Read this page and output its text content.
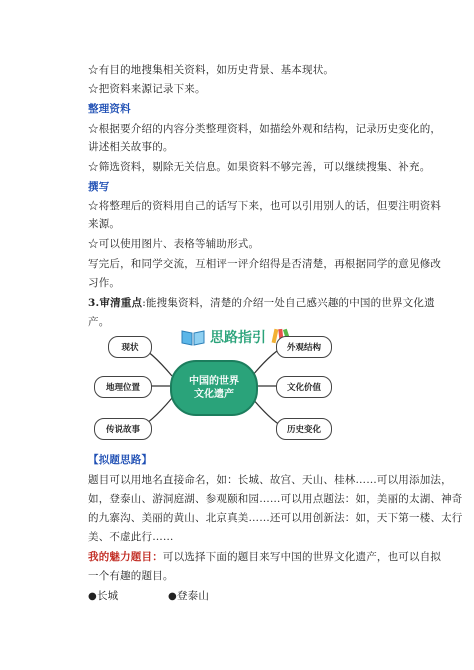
☆有目的地搜集相关资料，如历史背景、基本现状。
☆把资料来源记录下来。
整理资料
☆根据要介绍的内容分类整理资料，如描绘外观和结构，记录历史变化的，
讲述相关故事的。
☆筛选资料，剔除无关信息。如果资料不够完善，可以继续搜集、补充。
撰写
☆将整理后的资料用自己的话写下来，也可以引用别人的话，但要注明资料
来源。
☆可以使用图片、表格等辅助形式。
写完后，和同学交流，互相评一评介绍得是否清楚，再根据同学的意见修改
习作。
3.审清重点:能搜集资料，清楚的介绍一处自己感兴趣的中国的世界文化遗
产。
思路指引
现状
地理位置
传说故事
中国的世界
文化遗产
外观结构
文化价值
历史变化
【拟题思路】
题目可以用地名直接命名，如：长城、故宫、天山、桂林……可以用添加法，
如，登泰山、游洞庭湖、参观颐和园……可以用点题法：如，美丽的太湖、神奇
的九寨沟、美丽的黄山、北京真美……还可以用创新法：如，天下第一楼、太行
美、不虚此行……
我的魅力题目：可以选择下面的题目来写中国的世界文化遗产，也可以自拟
一个有趣的题目。
●长城	●登泰山
